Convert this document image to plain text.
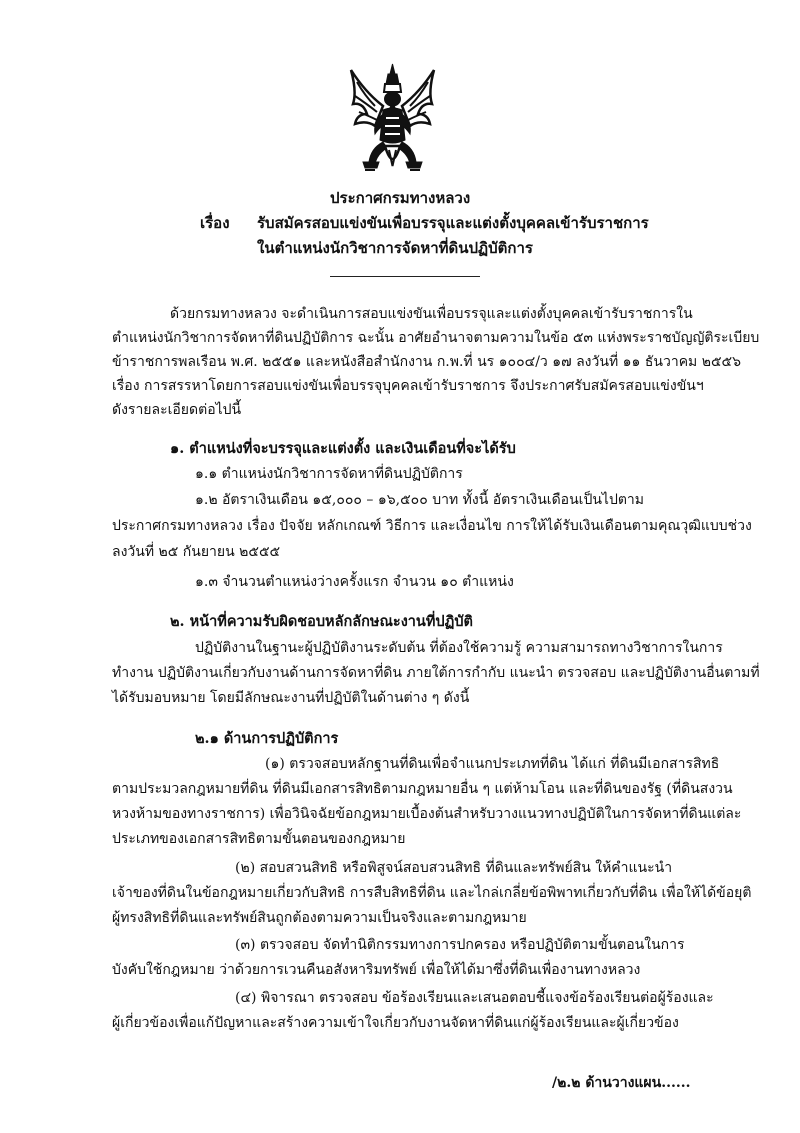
ประกาศกรมทางหลวง
เรื่อง รับสมัครสอบแข่งขันเพื่อบรรจุและแต่งตั้งบุคคลเข้ารับราชการ
ในตำแหน่งนักวิชาการจัดหาที่ดินปฏิบัติการ
ด้วยกรมทางหลวง จะดำเนินการสอบแข่งขันเพื่อบรรจุและแต่งตั้งบุคคลเข้ารับราชการใน
ตำแหน่งนักวิชาการจัดหาที่ดินปฏิบัติการ ฉะนั้น อาศัยอำนาจตามความในข้อ ๕๓ แห่งพระราชบัญญัติระเบียบ
ข้าราชการพลเรือน พ.ศ. ๒๕๕๑ และหนังสือสำนักงาน ก.พ.ที่ นร ๑๐๐๔/ว ๑๗ ลงวันที่ ๑๑ ธันวาคม ๒๕๕๖
เรื่อง การสรรหาโดยการสอบแข่งขันเพื่อบรรจุบุคคลเข้ารับราชการ จึงประกาศรับสมัครสอบแข่งขันฯ
ดังรายละเอียดต่อไปนี้
๑. ตำแหน่งที่จะบรรจุและแต่งตั้ง และเงินเดือนที่จะได้รับ
๑.๑ ตำแหน่งนักวิชาการจัดหาที่ดินปฏิบัติการ
๑.๒ อัตราเงินเดือน ๑๕,๐๐๐ – ๑๖,๕๐๐ บาท ทั้งนี้ อัตราเงินเดือนเป็นไปตาม
ประกาศกรมทางหลวง เรื่อง ปัจจัย หลักเกณฑ์ วิธีการ และเงื่อนไข การให้ได้รับเงินเดือนตามคุณวุฒิแบบช่วง
ลงวันที่ ๒๕ กันยายน ๒๕๕๕
๑.๓ จำนวนตำแหน่งว่างครั้งแรก จำนวน ๑๐ ตำแหน่ง
๒. หน้าที่ความรับผิดชอบหลักลักษณะงานที่ปฏิบัติ
ปฏิบัติงานในฐานะผู้ปฏิบัติงานระดับต้น ที่ต้องใช้ความรู้ ความสามารถทางวิชาการในการ
ทำงาน ปฏิบัติงานเกี่ยวกับงานด้านการจัดหาที่ดิน ภายใต้การกำกับ แนะนำ ตรวจสอบ และปฏิบัติงานอื่นตามที่
ได้รับมอบหมาย โดยมีลักษณะงานที่ปฏิบัติในด้านต่าง ๆ ดังนี้
๒.๑ ด้านการปฏิบัติการ
(๑) ตรวจสอบหลักฐานที่ดินเพื่อจำแนกประเภทที่ดิน ได้แก่ ที่ดินมีเอกสารสิทธิ
ตามประมวลกฎหมายที่ดิน ที่ดินมีเอกสารสิทธิตามกฎหมายอื่น ๆ แต่ห้ามโอน และที่ดินของรัฐ (ที่ดินสงวน
หวงห้ามของทางราชการ) เพื่อวินิจฉัยข้อกฎหมายเบื้องต้นสำหรับวางแนวทางปฏิบัติในการจัดหาที่ดินแต่ละ
ประเภทของเอกสารสิทธิตามขั้นตอนของกฎหมาย
(๒) สอบสวนสิทธิ หรือพิสูจน์สอบสวนสิทธิ ที่ดินและทรัพย์สิน ให้คำแนะนำ
เจ้าของที่ดินในข้อกฎหมายเกี่ยวกับสิทธิ การสืบสิทธิที่ดิน และไกล่เกลี่ยข้อพิพาทเกี่ยวกับที่ดิน เพื่อให้ได้ข้อยุติ
ผู้ทรงสิทธิที่ดินและทรัพย์สินถูกต้องตามความเป็นจริงและตามกฎหมาย
(๓) ตรวจสอบ จัดทำนิติกรรมทางการปกครอง หรือปฏิบัติตามขั้นตอนในการ
บังคับใช้กฎหมาย ว่าด้วยการเวนคืนอสังหาริมทรัพย์ เพื่อให้ได้มาซึ่งที่ดินเพื่องานทางหลวง
(๔) พิจารณา ตรวจสอบ ข้อร้องเรียนและเสนอตอบชี้แจงข้อร้องเรียนต่อผู้ร้องและ
ผู้เกี่ยวข้องเพื่อแก้ปัญหาและสร้างความเข้าใจเกี่ยวกับงานจัดหาที่ดินแก่ผู้ร้องเรียนและผู้เกี่ยวข้อง
/๒.๒ ด้านวางแผน......
